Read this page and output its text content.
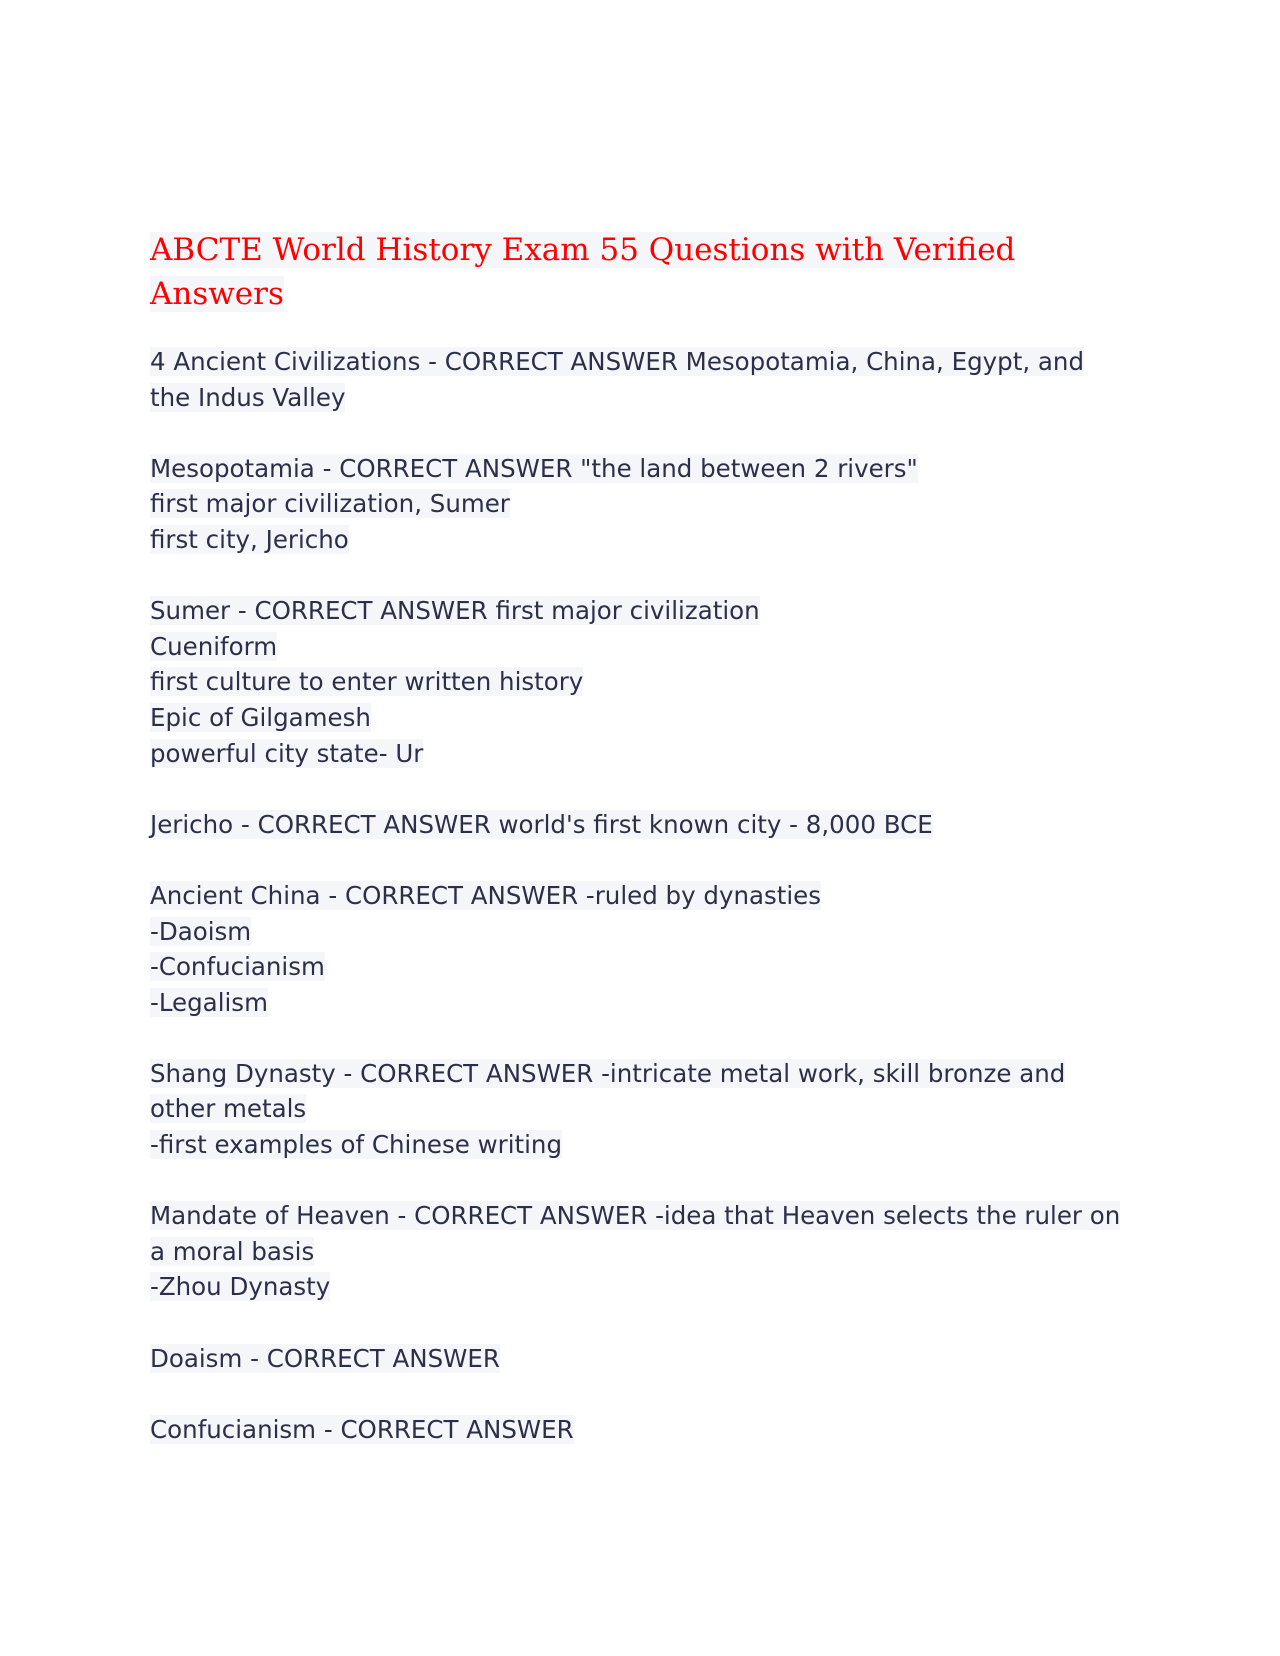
ABCTE World History Exam 55 Questions with Verified Answers
4 Ancient Civilizations - CORRECT ANSWER Mesopotamia, China, Egypt, and the Indus Valley
Mesopotamia - CORRECT ANSWER "the land between 2 rivers"
first major civilization, Sumer
first city, Jericho
Sumer - CORRECT ANSWER first major civilization
Cueniform
first culture to enter written history
Epic of Gilgamesh
powerful city state- Ur
Jericho - CORRECT ANSWER world's first known city - 8,000 BCE
Ancient China - CORRECT ANSWER -ruled by dynasties
-Daoism
-Confucianism
-Legalism
Shang Dynasty - CORRECT ANSWER -intricate metal work, skill bronze and other metals
-first examples of Chinese writing
Mandate of Heaven - CORRECT ANSWER -idea that Heaven selects the ruler on a moral basis
-Zhou Dynasty
Doaism - CORRECT ANSWER
Confucianism - CORRECT ANSWER
